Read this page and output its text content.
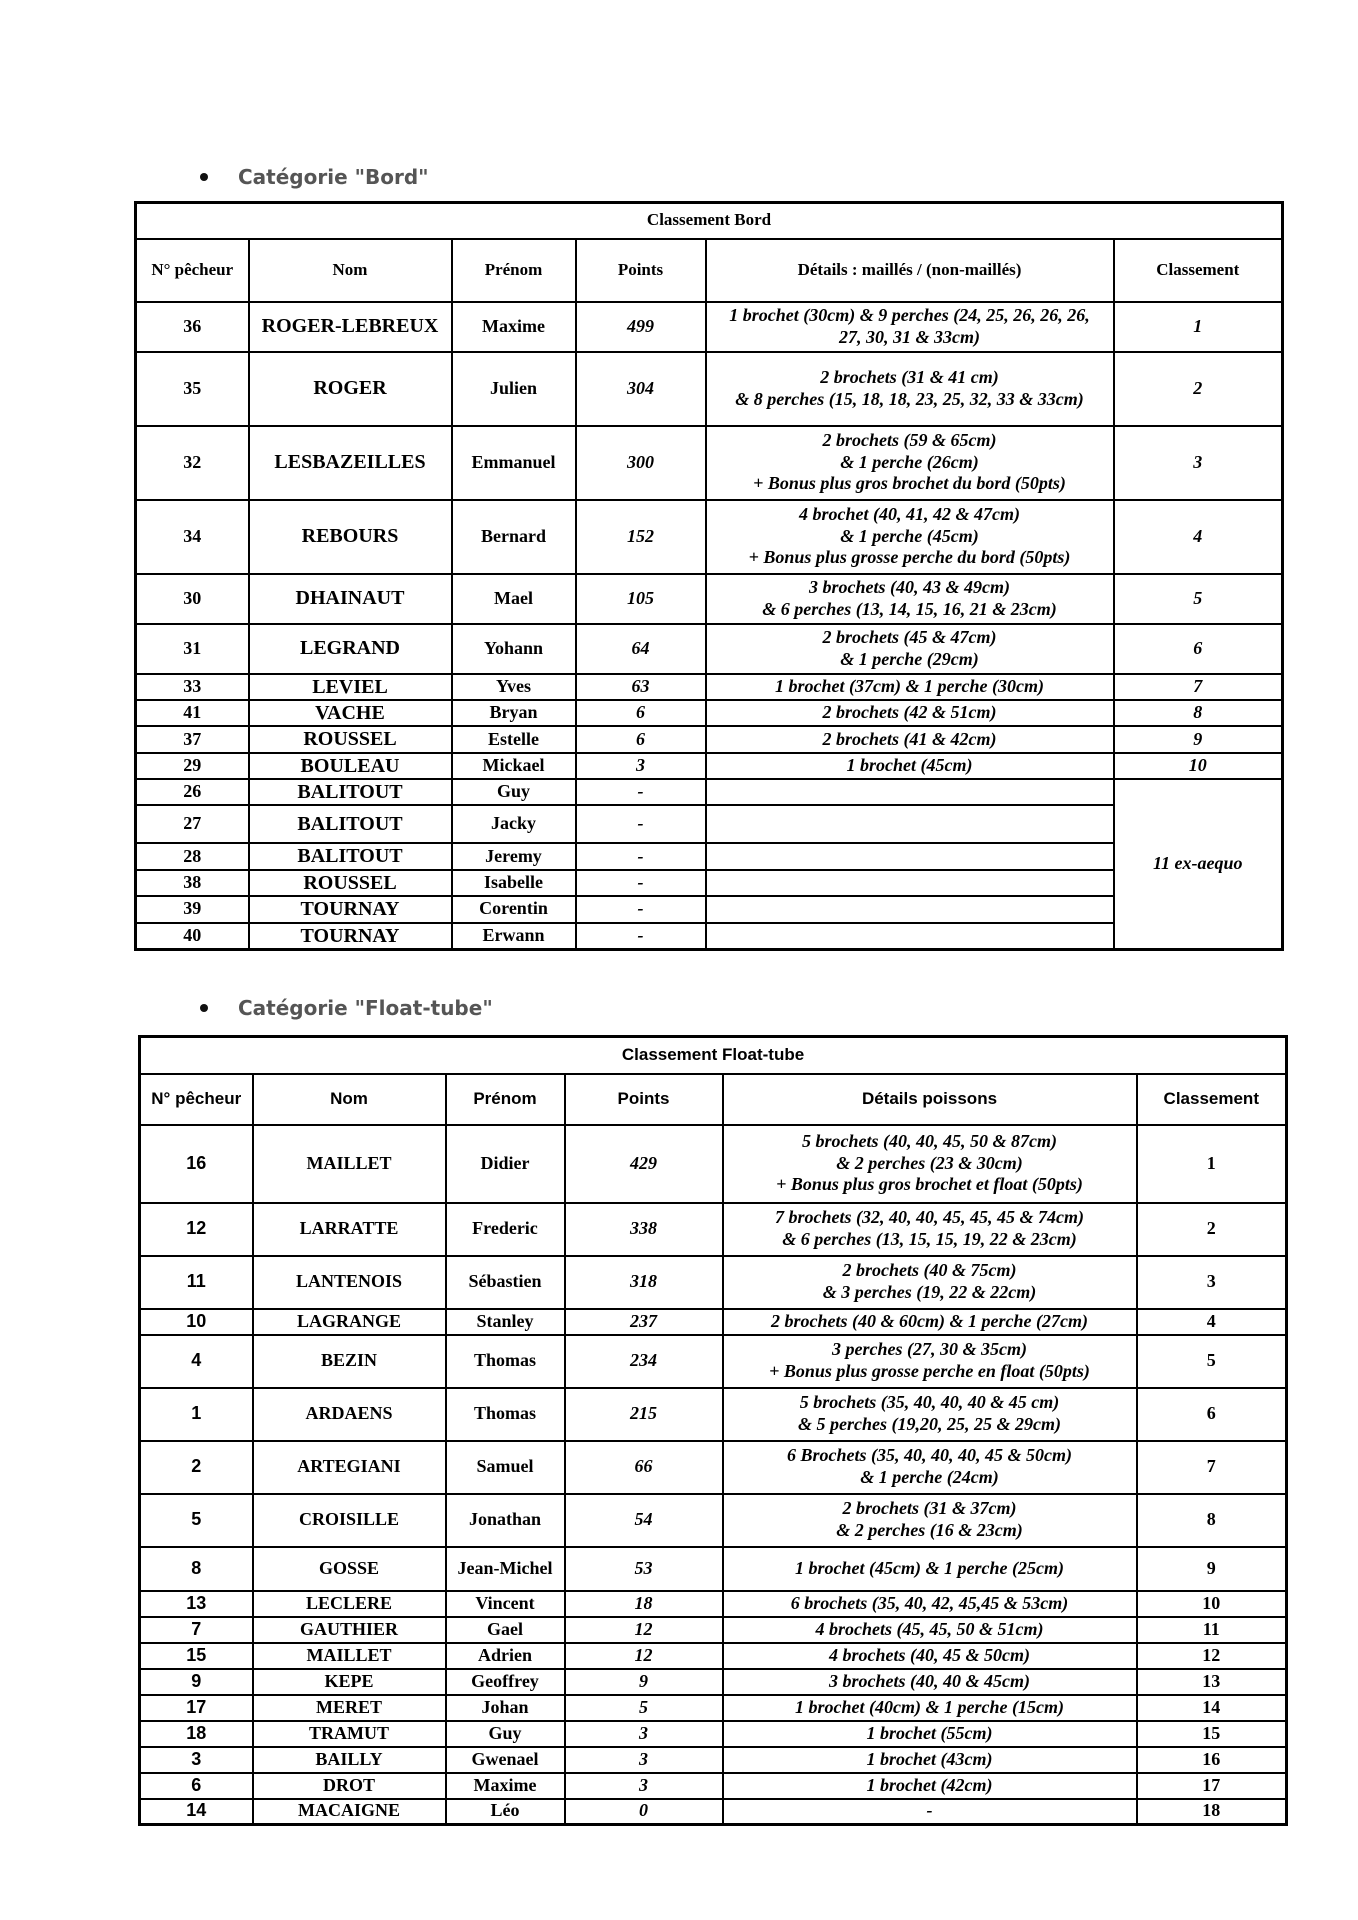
Catégorie "Bord"
Classement Bord					
N° pêcheur	Nom	Prénom	Points	Détails : maillés / (non-maillés)	Classement
36	ROGER-LEBREUX	Maxime	499	1 brochet (30cm) & 9 perches (24, 25, 26, 26, 26,
27, 30, 31 & 33cm)	1
35	ROGER	Julien	304	2 brochets (31 & 41 cm)
& 8 perches (15, 18, 18, 23, 25, 32, 33 & 33cm)	2
32	LESBAZEILLES	Emmanuel	300	2 brochets (59 & 65cm)
& 1 perche (26cm)
+ Bonus plus gros brochet du bord (50pts)	3
34	REBOURS	Bernard	152	4 brochet (40, 41, 42 & 47cm)
& 1 perche (45cm)
+ Bonus plus grosse perche du bord (50pts)	4
30	DHAINAUT	Mael	105	3 brochets (40, 43 & 49cm)
& 6 perches (13, 14, 15, 16, 21 & 23cm)	5
31	LEGRAND	Yohann	64	2 brochets (45 & 47cm)
& 1 perche (29cm)	6
33	LEVIEL	Yves	63	1 brochet (37cm) & 1 perche (30cm)	7
41	VACHE	Bryan	6	2 brochets (42 & 51cm)	8
37	ROUSSEL	Estelle	6	2 brochets (41 & 42cm)	9
29	BOULEAU	Mickael	3	1 brochet (45cm)	10
26	BALITOUT	Guy	-		11 ex-aequo
27	BALITOUT	Jacky	-		
28	BALITOUT	Jeremy	-		
38	ROUSSEL	Isabelle	-		
39	TOURNAY	Corentin	-		
40	TOURNAY	Erwann	-		
Catégorie "Float-tube"
Classement Float-tube					
N° pêcheur	Nom	Prénom	Points	Détails poissons	Classement
16	MAILLET	Didier	429	5 brochets (40, 40, 45, 50 & 87cm)
& 2 perches (23 & 30cm)
+ Bonus plus gros brochet et float (50pts)	1
12	LARRATTE	Frederic	338	7 brochets (32, 40, 40, 45, 45, 45 & 74cm)
& 6 perches (13, 15, 15, 19, 22 & 23cm)	2
11	LANTENOIS	Sébastien	318	2 brochets (40 & 75cm)
& 3 perches (19, 22 & 22cm)	3
10	LAGRANGE	Stanley	237	2 brochets (40 & 60cm) & 1 perche (27cm)	4
4	BEZIN	Thomas	234	3 perches (27, 30 & 35cm)
+ Bonus plus grosse perche en float (50pts)	5
1	ARDAENS	Thomas	215	5 brochets (35, 40, 40, 40 & 45 cm)
& 5 perches (19,20, 25, 25 & 29cm)	6
2	ARTEGIANI	Samuel	66	6 Brochets (35, 40, 40, 40, 45 & 50cm)
& 1 perche (24cm)	7
5	CROISILLE	Jonathan	54	2 brochets (31 & 37cm)
& 2 perches (16 & 23cm)	8
8	GOSSE	Jean-Michel	53	1 brochet (45cm) & 1 perche (25cm)	9
13	LECLERE	Vincent	18	6 brochets (35, 40, 42, 45,45 & 53cm)	10
7	GAUTHIER	Gael	12	4 brochets (45, 45, 50 & 51cm)	11
15	MAILLET	Adrien	12	4 brochets (40, 45 & 50cm)	12
9	KEPE	Geoffrey	9	3 brochets (40, 40 & 45cm)	13
17	MERET	Johan	5	1 brochet (40cm) & 1 perche (15cm)	14
18	TRAMUT	Guy	3	1 brochet (55cm)	15
3	BAILLY	Gwenael	3	1 brochet (43cm)	16
6	DROT	Maxime	3	1 brochet (42cm)	17
14	MACAIGNE	Léo	0	-	18
